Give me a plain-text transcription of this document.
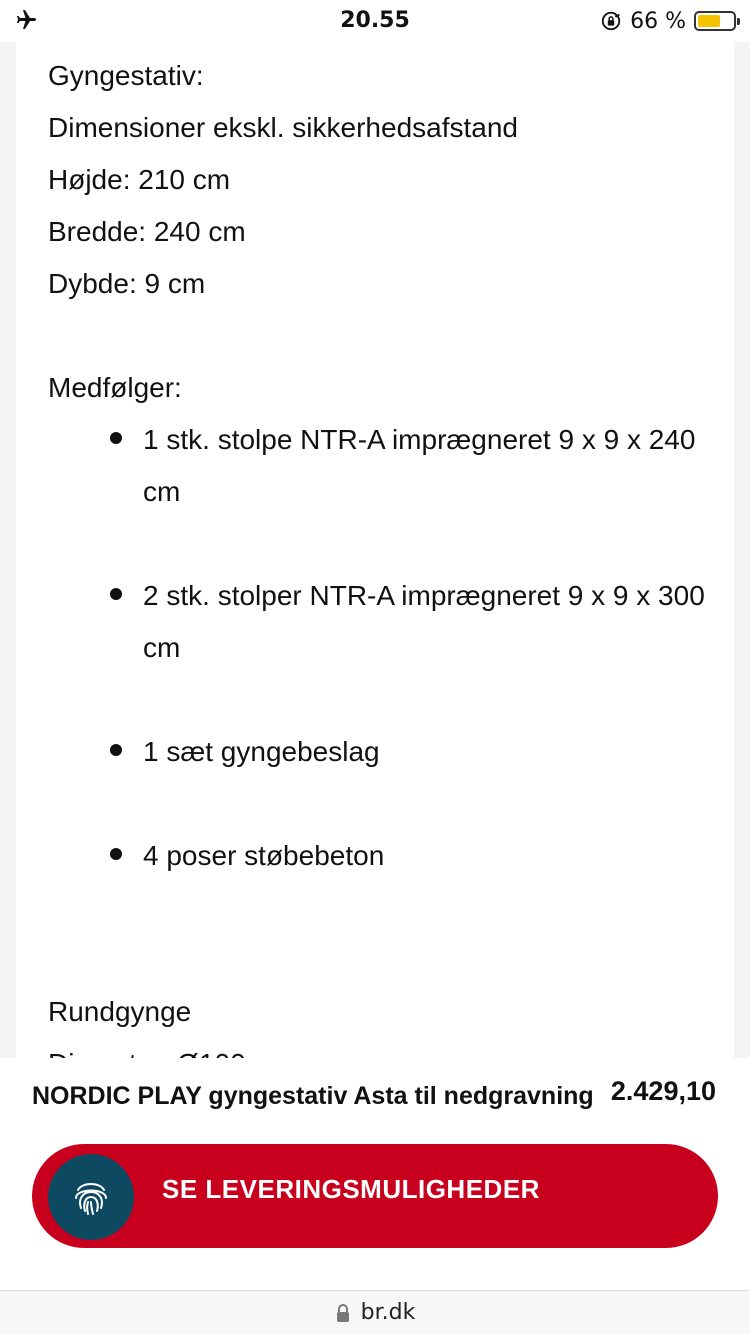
20.55	66 %

Gyngestativ:

Dimensioner ekskl. sikkerhedsafstand

Højde: 210 cm

Bredde: 240 cm

Dybde: 9 cm

Medfølger:

1 stk. stolpe NTR-A imprægneret 9 x 9 x 240 cm

2 stk. stolper NTR-A imprægneret 9 x 9 x 300 cm

1 sæt gyngebeslag

4 poser støbebeton

Rundgynge

NORDIC PLAY gyngestativ Asta til nedgravning 2.429,10
SE LEVERINGSMULIGHEDER
br.dk
